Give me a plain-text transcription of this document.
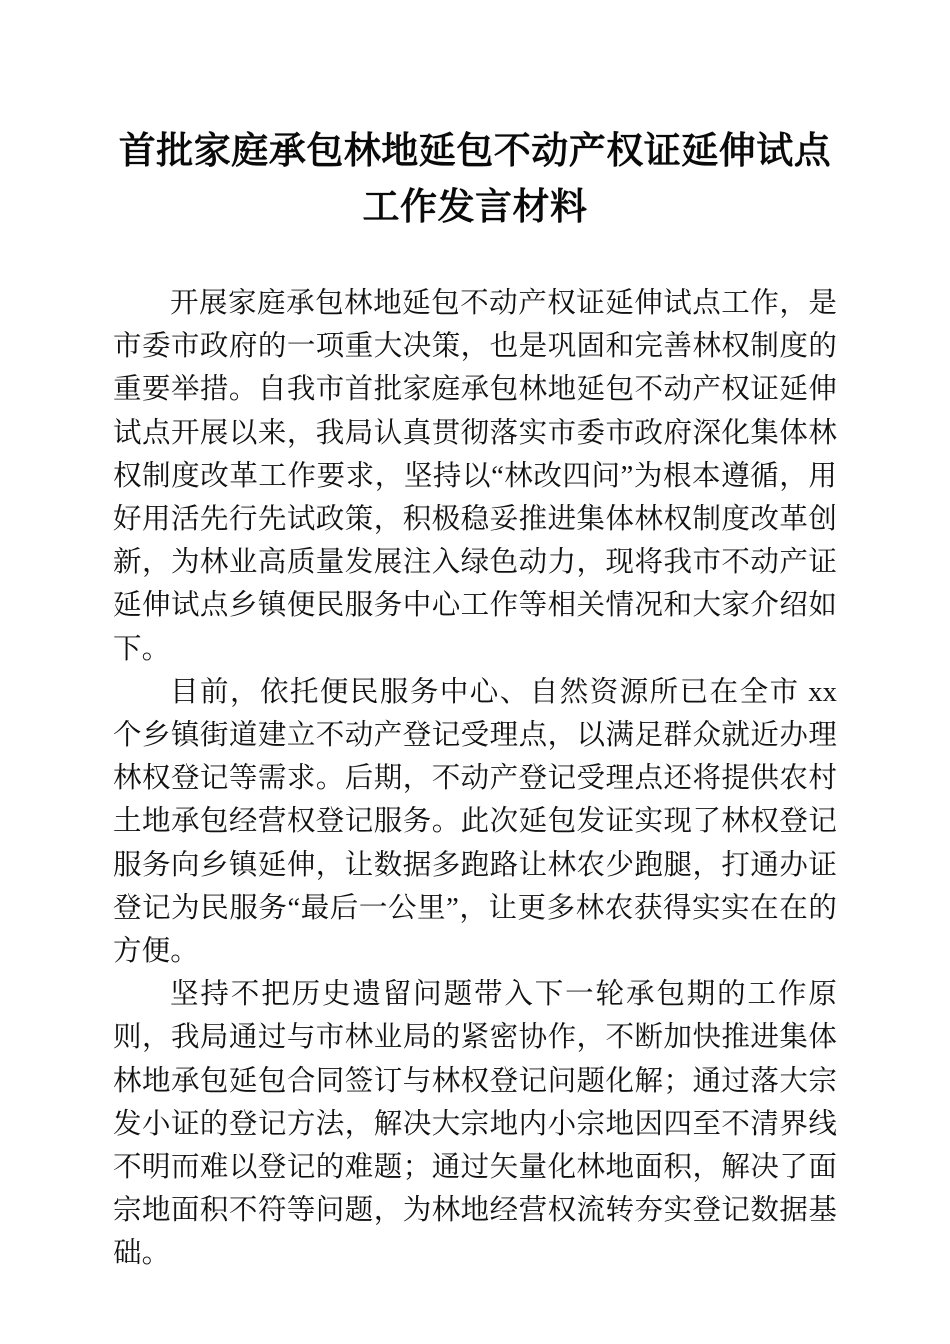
首批家庭承包林地延包不动产权证延伸试点工作发言材料

开展家庭承包林地延包不动产权证延伸试点工作，是市委市政府的一项重大决策，也是巩固和完善林权制度的重要举措。自我市首批家庭承包林地延包不动产权证延伸试点开展以来，我局认真贯彻落实市委市政府深化集体林权制度改革工作要求，坚持以“林改四问”为根本遵循，用好用活先行先试政策，积极稳妥推进集体林权制度改革创新，为林业高质量发展注入绿色动力，现将我市不动产证延伸试点乡镇便民服务中心工作等相关情况和大家介绍如下。

目前，依托便民服务中心、自然资源所已在全市 xx 个乡镇街道建立不动产登记受理点，以满足群众就近办理林权登记等需求。后期，不动产登记受理点还将提供农村土地承包经营权登记服务。此次延包发证实现了林权登记服务向乡镇延伸，让数据多跑路让林农少跑腿，打通办证登记为民服务“最后一公里”，让更多林农获得实实在在的方便。

坚持不把历史遗留问题带入下一轮承包期的工作原则，我局通过与市林业局的紧密协作，不断加快推进集体林地承包延包合同签订与林权登记问题化解；通过落大宗发小证的登记方法，解决大宗地内小宗地因四至不清界线不明而难以登记的难题；通过矢量化林地面积，解决了面宗地面积不符等问题，为林地经营权流转夯实登记数据基础。
